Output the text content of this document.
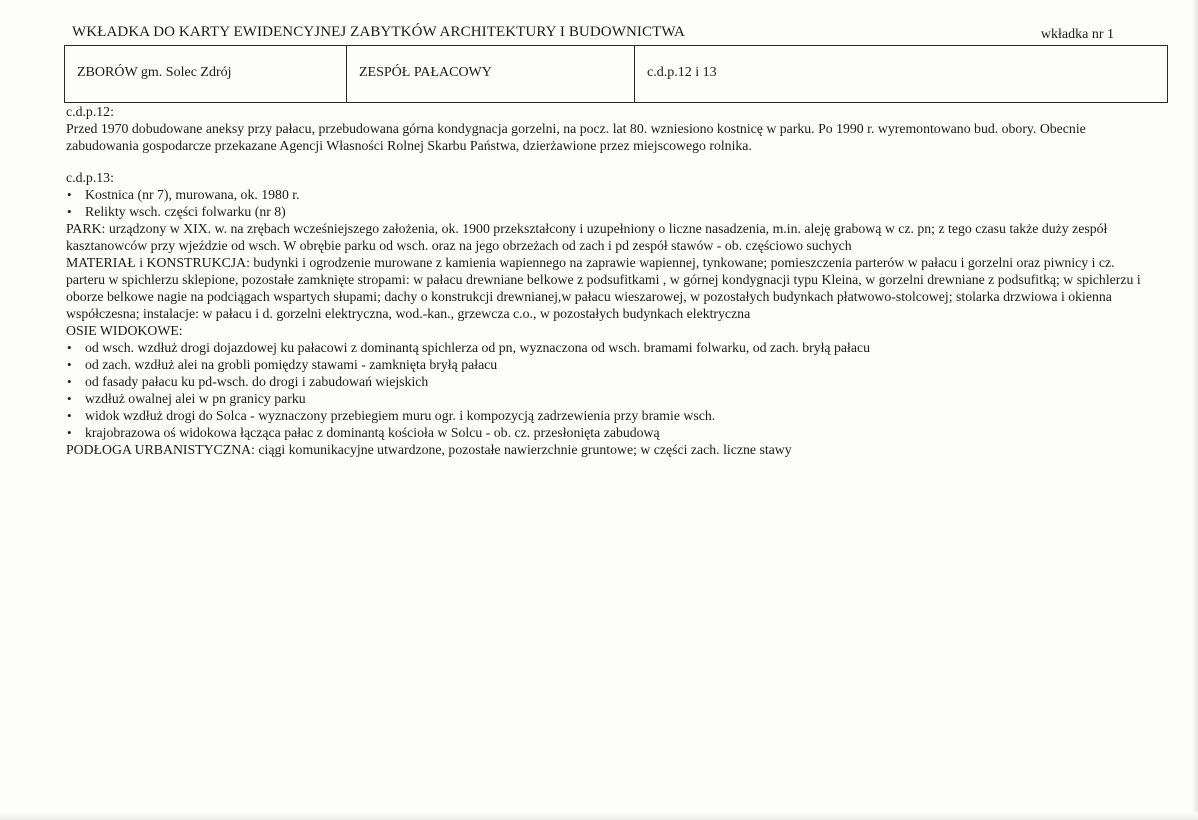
WKŁADKA DO KARTY EWIDENCYJNEJ ZABYTKÓW ARCHITEKTURY I BUDOWNICTWA	wkładka nr 1
ZBORÓW gm. Solec Zdrój	ZESPÓŁ PAŁACOWY	c.d.p.12 i 13

c.d.p.12:

Przed 1970 dobudowane aneksy przy pałacu, przebudowana górna kondygnacja gorzelni, na pocz. lat 80. wzniesiono kostnicę w parku. Po 1990 r. wyremontowano bud. obory. Obecnie zabudowania gospodarcze przekazane Agencji Własności Rolnej Skarbu Państwa, dzierżawione przez miejscowego rolnika.

c.d.p.13:

• Kostnica (nr 7), murowana, ok. 1980 r.
• Relikty wsch. części folwarku (nr 8)

PARK: urządzony w XIX. w. na zrębach wcześniejszego założenia, ok. 1900 przekształcony i uzupełniony o liczne nasadzenia, m.in. aleję grabową w cz. pn; z tego czasu także duży zespół kasztanowców przy wjeździe od wsch. W obrębie parku od wsch. oraz na jego obrzeżach od zach i pd zespół stawów - ob. częściowo suchych

MATERIAŁ i KONSTRUKCJA: budynki i ogrodzenie murowane z kamienia wapiennego na zaprawie wapiennej, tynkowane; pomieszczenia parterów w pałacu i gorzelni oraz piwnicy i cz. parteru w spichlerzu sklepione, pozostałe zamknięte stropami: w pałacu drewniane belkowe z podsufitkami , w górnej kondygnacji typu Kleina, w gorzelni drewniane z podsufitką; w spichlerzu i oborze belkowe nagie na podciągach wspartych słupami; dachy o konstrukcji drewnianej,w pałacu wieszarowej, w pozostałych budynkach płatwowo-stolcowej; stolarka drzwiowa i okienna współczesna; instalacje: w pałacu i d. gorzelni elektryczna, wod.-kan., grzewcza c.o., w pozostałych budynkach elektryczna

OSIE WIDOKOWE:

• od wsch. wzdłuż drogi dojazdowej ku pałacowi z dominantą spichlerza od pn, wyznaczona od wsch. bramami folwarku, od zach. bryłą pałacu
• od zach. wzdłuż alei na grobli pomiędzy stawami - zamknięta bryłą pałacu
• od fasady pałacu ku pd-wsch. do drogi i zabudowań wiejskich
• wzdłuż owalnej alei w pn granicy parku
• widok wzdłuż drogi do Solca - wyznaczony przebiegiem muru ogr. i kompozycją zadrzewienia przy bramie wsch.
• krajobrazowa oś widokowa łącząca pałac z dominantą kościoła w Solcu - ob. cz. przesłonięta zabudową

PODŁOGA URBANISTYCZNA: ciągi komunikacyjne utwardzone, pozostałe nawierzchnie gruntowe; w części zach. liczne stawy
